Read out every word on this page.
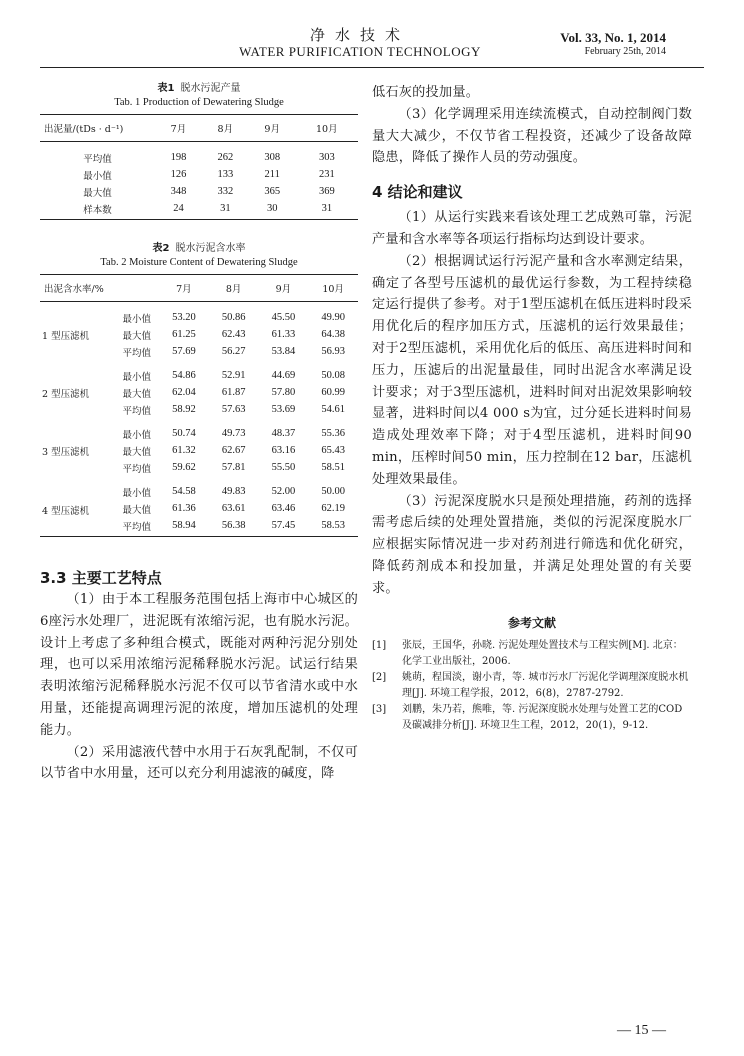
净水技术
WATER PURIFICATION TECHNOLOGY
Vol. 33, No. 1, 2014
February 25th, 2014
表1 脱水污泥产量
Tab. 1 Production of Dewatering Sludge
出泥量/(tDs · d⁻¹)	7月	8月	9月	10月
平均值	198	262	308	303
最小值	126	133	211	231
最大值	348	332	365	369
样本数	24	31	30	31
表2 脱水污泥含水率
Tab. 2 Moisture Content of Dewatering Sludge
出泥含水率/%		7月	8月	9月	10月
1 型压滤机	最小值	53.20	50.86	45.50	49.90
	最大值	61.25	62.43	61.33	64.38
	平均值	57.69	56.27	53.84	56.93
2 型压滤机	最小值	54.86	52.91	44.69	50.08
	最大值	62.04	61.87	57.80	60.99
	平均值	58.92	57.63	53.69	54.61
3 型压滤机	最小值	50.74	49.73	48.37	55.36
	最大值	61.32	62.67	63.16	65.43
	平均值	59.62	57.81	55.50	58.51
4 型压滤机	最小值	54.58	49.83	52.00	50.00
	最大值	61.36	63.61	63.46	62.19
	平均值	58.94	56.38	57.45	58.53
3.3 主要工艺特点

（1）由于本工程服务范围包括上海市中心城区的6座污水处理厂，进泥既有浓缩污泥，也有脱水污泥。设计上考虑了多种组合模式，既能对两种污泥分别处理，也可以采用浓缩污泥稀释脱水污泥。试运行结果表明浓缩污泥稀释脱水污泥不仅可以节省清水或中水用量，还能提高调理污泥的浓度，增加压滤机的处理能力。

（2）采用滤液代替中水用于石灰乳配制，不仅可以节省中水用量，还可以充分利用滤液的碱度，降

低石灰的投加量。

（3）化学调理采用连续流模式，自动控制阀门数量大大减少，不仅节省工程投资，还减少了设备故障隐患，降低了操作人员的劳动强度。

4 结论和建议

（1）从运行实践来看该处理工艺成熟可靠，污泥产量和含水率等各项运行指标均达到设计要求。

（2）根据调试运行污泥产量和含水率测定结果，确定了各型号压滤机的最优运行参数，为工程持续稳定运行提供了参考。对于1型压滤机在低压进料时段采用优化后的程序加压方式，压滤机的运行效果最佳；对于2型压滤机，采用优化后的低压、高压进料时间和压力，压滤后的出泥量最佳，同时出泥含水率满足设计要求；对于3型压滤机，进料时间对出泥效果影响较显著，进料时间以4 000 s为宜，过分延长进料时间易造成处理效率下降；对于4型压滤机，进料时间90 min，压榨时间50 min，压力控制在12 bar，压滤机处理效果最佳。

（3）污泥深度脱水只是预处理措施，药剂的选择需考虑后续的处理处置措施，类似的污泥深度脱水厂应根据实际情况进一步对药剂进行筛选和优化研究，降低药剂成本和投加量，并满足处理处置的有关要求。

参考文献
[1] 张辰，王国华，孙晓. 污泥处理处置技术与工程实例[M]. 北京：化学工业出版社，2006.
[2] 姚萌，程国淡，谢小青，等. 城市污水厂污泥化学调理深度脱水机理[J]. 环境工程学报，2012，6(8)，2787-2792.
[3] 刘鹏，朱乃若，熊唯，等. 污泥深度脱水处理与处置工艺的COD及碳减排分析[J]. 环境卫生工程，2012，20(1)，9-12.
— 15 —
